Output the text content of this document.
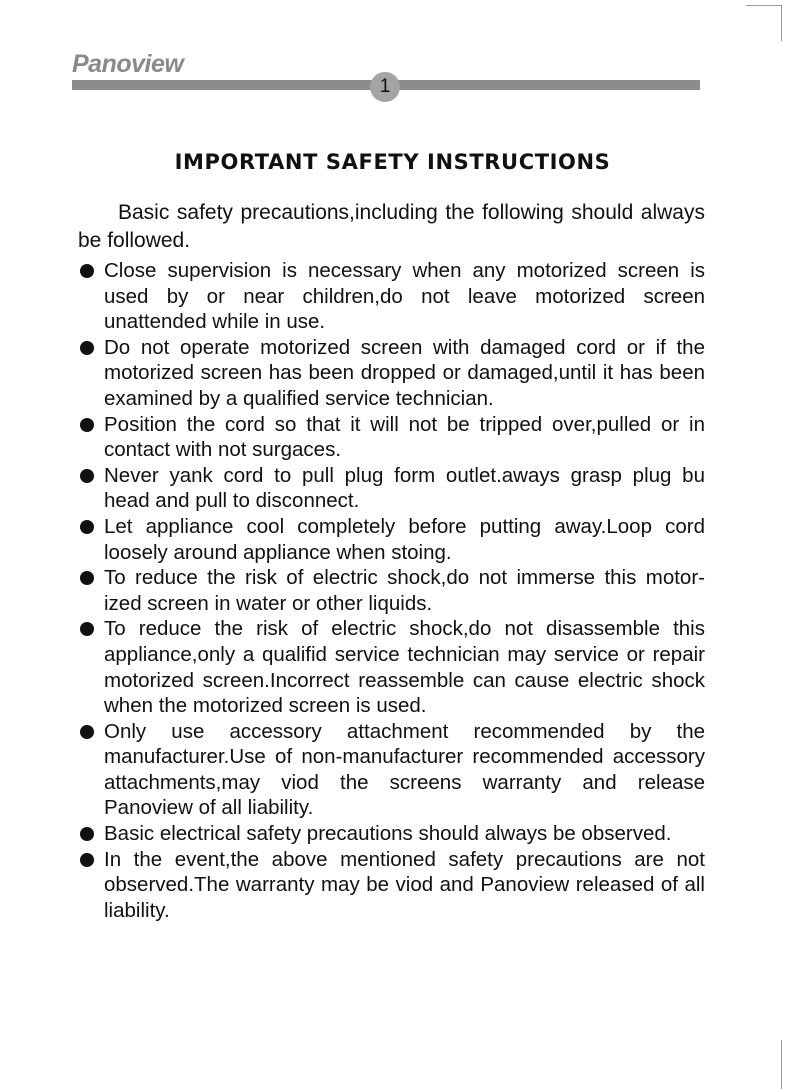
Panoview
1
IMPORTANT SAFETY INSTRUCTIONS

Basic safety precautions,including the following should always be followed.

Close supervision is necessary when any motorized screen is used by or near children,do not leave motorized screen unattended while in use.
Do not operate motorized screen with damaged cord or if the motorized screen has been dropped or damaged,until it has been examined by a qualified service technician.
Position the cord so that it will not be tripped over,pulled or in contact with not surgaces.
Never yank cord to pull plug form outlet.aways grasp plug bu head and pull to disconnect.
Let appliance cool completely before putting away.Loop cord loosely around appliance when stoing.
To reduce the risk of electric shock,do not immerse this motor-ized screen in water or other liquids.
To reduce the risk of electric shock,do not disassemble this appliance,only a qualifid service technician may service or repair motorized screen.Incorrect reassemble can cause electric shock when the motorized screen is used.
Only use accessory attachment recommended by the manufacturer.Use of non-manufacturer recommended accessory attachments,may viod the screens warranty and release Panoview of all liability.
Basic electrical safety precautions should always be observed.
In the event,the above mentioned safety precautions are not observed.The warranty may be viod and Panoview released of all liability.
